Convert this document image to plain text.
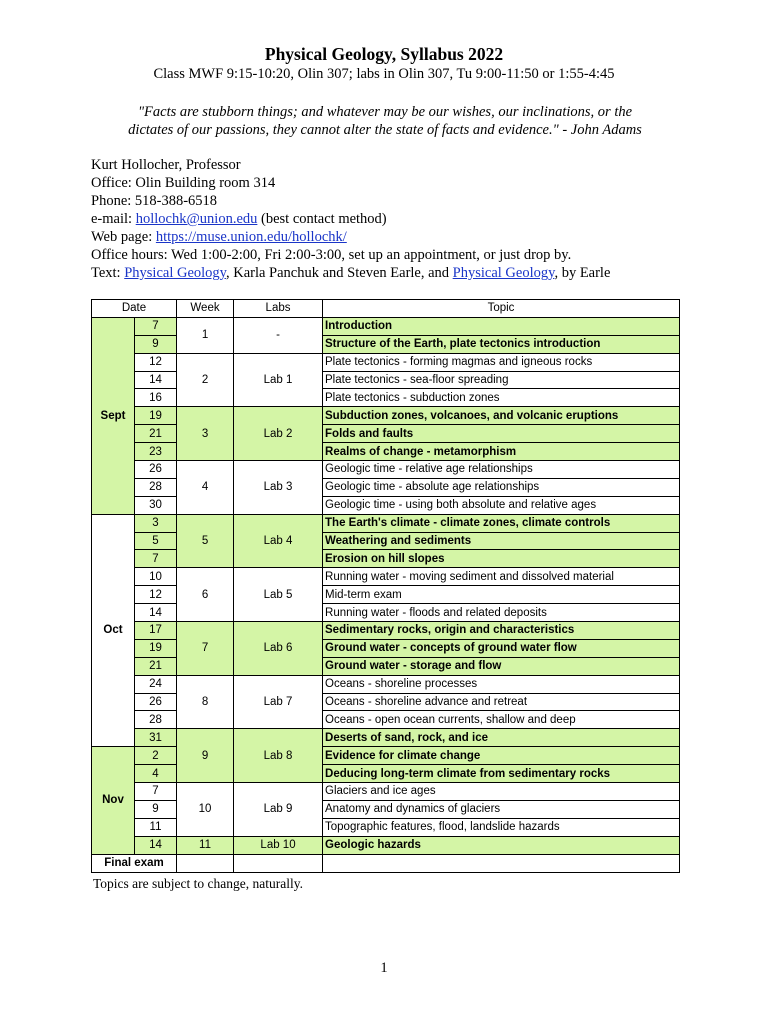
Physical Geology, Syllabus 2022
Class MWF 9:15-10:20, Olin 307; labs in Olin 307, Tu 9:00-11:50 or 1:55-4:45
"Facts are stubborn things; and whatever may be our wishes, our inclinations, or the
dictates of our passions, they cannot alter the state of facts and evidence." - John Adams
Kurt Hollocher, Professor
Office: Olin Building room 314
Phone: 518-388-6518
e-mail: hollochk@union.edu (best contact method)
Web page: https://muse.union.edu/hollochk/
Office hours: Wed 1:00-2:00, Fri 2:00-3:00, set up an appointment, or just drop by.
Text: Physical Geology, Karla Panchuk and Steven Earle, and Physical Geology, by Earle
Date		Week	Labs	Topic
Sept	7	1	-	Introduction
	9			Structure of the Earth, plate tectonics introduction
	12	2	Lab 1	Plate tectonics - forming magmas and igneous rocks
	14			Plate tectonics - sea-floor spreading
	16			Plate tectonics - subduction zones
	19	3	Lab 2	Subduction zones, volcanoes, and volcanic eruptions
	21			Folds and faults
	23			Realms of change - metamorphism
	26	4	Lab 3	Geologic time - relative age relationships
	28			Geologic time - absolute age relationships
	30			Geologic time - using both absolute and relative ages
Oct	3	5	Lab 4	The Earth's climate - climate zones, climate controls
	5			Weathering and sediments
	7			Erosion on hill slopes
	10	6	Lab 5	Running water - moving sediment and dissolved material
	12			Mid-term exam
	14			Running water - floods and related deposits
	17	7	Lab 6	Sedimentary rocks, origin and characteristics
	19			Ground water - concepts of ground water flow
	21			Ground water - storage and flow
	24	8	Lab 7	Oceans - shoreline processes
	26			Oceans - shoreline advance and retreat
	28			Oceans - open ocean currents, shallow and deep
	31	9	Lab 8	Deserts of sand, rock, and ice
Nov	2			Evidence for climate change
	4			Deducing long-term climate from sedimentary rocks
	7	10	Lab 9	Glaciers and ice ages
	9			Anatomy and dynamics of glaciers
	11			Topographic features, flood, landslide hazards
	14	11	Lab 10	Geologic hazards
Final exam				
Topics are subject to change, naturally.
1
